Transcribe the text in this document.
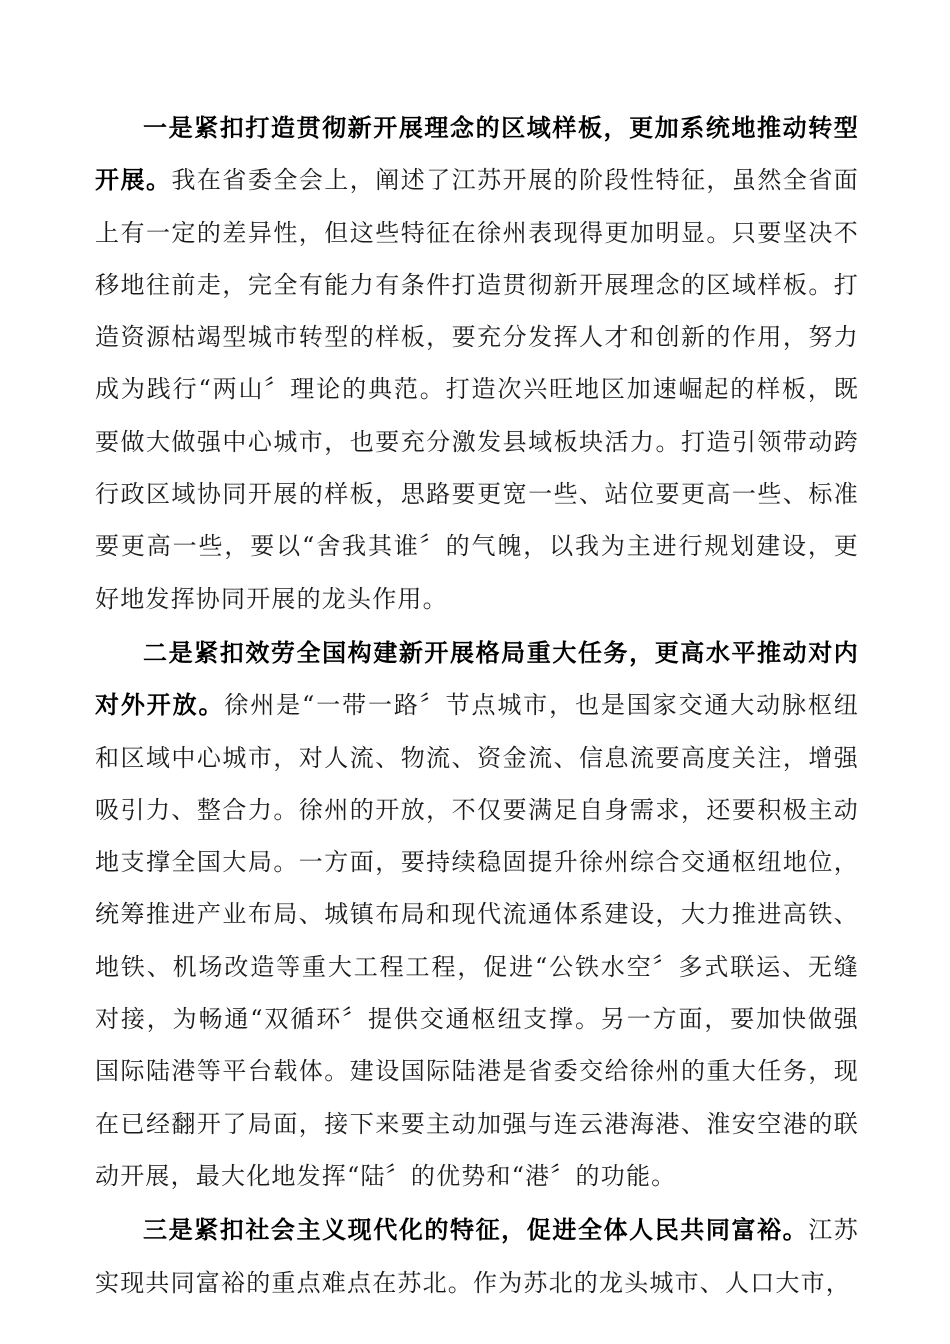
一是紧扣打造贯彻新开展理念的区域样板，更加系统地推动转型开展。我在省委全会上，阐述了江苏开展的阶段性特征，虽然全省面上有一定的差异性，但这些特征在徐州表现得更加明显。只要坚决不移地往前走，完全有能力有条件打造贯彻新开展理念的区域样板。打造资源枯竭型城市转型的样板，要充分发挥人才和创新的作用，努力成为践行“两山〞理论的典范。打造次兴旺地区加速崛起的样板，既要做大做强中心城市，也要充分激发县域板块活力。打造引领带动跨行政区域协同开展的样板，思路要更宽一些、站位要更高一些、标准要更高一些，要以“舍我其谁〞的气魄，以我为主进行规划建设，更好地发挥协同开展的龙头作用。

二是紧扣效劳全国构建新开展格局重大任务，更高水平推动对内对外开放。徐州是“一带一路〞节点城市，也是国家交通大动脉枢纽和区域中心城市，对人流、物流、资金流、信息流要高度关注，增强吸引力、整合力。徐州的开放，不仅要满足自身需求，还要积极主动地支撑全国大局。一方面，要持续稳固提升徐州综合交通枢纽地位，统筹推进产业布局、城镇布局和现代流通体系建设，大力推进高铁、地铁、机场改造等重大工程工程，促进“公铁水空〞多式联运、无缝对接，为畅通“双循环〞提供交通枢纽支撑。另一方面，要加快做强国际陆港等平台载体。建设国际陆港是省委交给徐州的重大任务，现在已经翻开了局面，接下来要主动加强与连云港海港、淮安空港的联动开展，最大化地发挥“陆〞的优势和“港〞的功能。

三是紧扣社会主义现代化的特征，促进全体人民共同富裕。江苏实现共同富裕的重点难点在苏北。作为苏北的龙头城市、人口大市，
